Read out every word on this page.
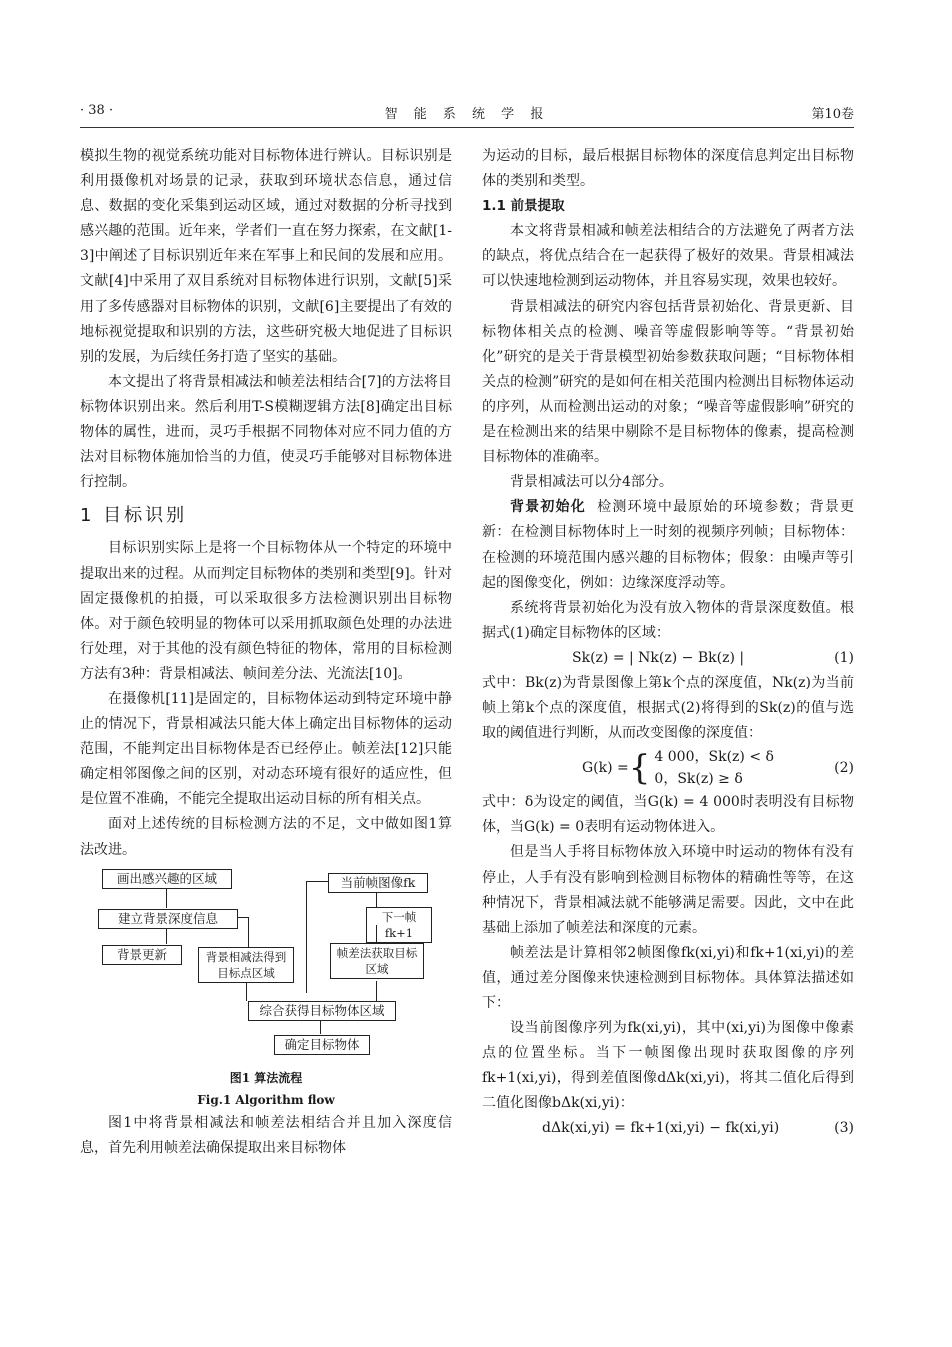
· 38 ·	智 能 系 统 学 报	第10卷

模拟生物的视觉系统功能对目标物体进行辨认。目标识别是利用摄像机对场景的记录，获取到环境状态信息，通过信息、数据的变化采集到运动区域，通过对数据的分析寻找到感兴趣的范围。近年来，学者们一直在努力探索，在文献[1-3]中阐述了目标识别近年来在军事上和民间的发展和应用。文献[4]中采用了双目系统对目标物体进行识别，文献[5]采用了多传感器对目标物体的识别，文献[6]主要提出了有效的地标视觉提取和识别的方法，这些研究极大地促进了目标识别的发展，为后续任务打造了坚实的基础。

本文提出了将背景相减法和帧差法相结合[7]的方法将目标物体识别出来。然后利用T-S模糊逻辑方法[8]确定出目标物体的属性，进而，灵巧手根据不同物体对应不同力值的方法对目标物体施加恰当的力值，使灵巧手能够对目标物体进行控制。

1 目标识别

目标识别实际上是将一个目标物体从一个特定的环境中提取出来的过程。从而判定目标物体的类别和类型[9]。针对固定摄像机的拍摄，可以采取很多方法检测识别出目标物体。对于颜色较明显的物体可以采用抓取颜色处理的办法进行处理，对于其他的没有颜色特征的物体，常用的目标检测方法有3种：背景相减法、帧间差分法、光流法[10]。

在摄像机[11]是固定的，目标物体运动到特定环境中静止的情况下，背景相减法只能大体上确定出目标物体的运动范围，不能判定出目标物体是否已经停止。帧差法[12]只能确定相邻图像之间的区别，对动态环境有很好的适应性，但是位置不准确，不能完全提取出运动目标的所有相关点。

面对上述传统的目标检测方法的不足，文中做如图1算法改进。

画出感兴趣的区域
建立背景深度信息
背景更新	背景相减法得到目标点区域
当前帧图像fk
下一帧fk+1
帧差法获取目标区域
综合获得目标物体区域
确定目标物体
图1 算法流程
Fig.1 Algorithm flow

图1中将背景相减法和帧差法相结合并且加入深度信息，首先利用帧差法确保提取出来目标物体

为运动的目标，最后根据目标物体的深度信息判定出目标物体的类别和类型。

1.1 前景提取

本文将背景相减和帧差法相结合的方法避免了两者方法的缺点，将优点结合在一起获得了极好的效果。背景相减法可以快速地检测到运动物体，并且容易实现，效果也较好。

背景相减法的研究内容包括背景初始化、背景更新、目标物体相关点的检测、噪音等虚假影响等等。“背景初始化”研究的是关于背景模型初始参数获取问题；“目标物体相关点的检测”研究的是如何在相关范围内检测出目标物体运动的序列，从而检测出运动的对象；“噪音等虚假影响”研究的是在检测出来的结果中剔除不是目标物体的像素，提高检测目标物体的准确率。

背景相减法可以分4部分。

背景初始化 检测环境中最原始的环境参数；背景更新：在检测目标物体时上一时刻的视频序列帧；目标物体：在检测的环境范围内感兴趣的目标物体；假象：由噪声等引起的图像变化，例如：边缘深度浮动等。

系统将背景初始化为没有放入物体的背景深度数值。根据式(1)确定目标物体的区域：

Sk(z) = | Nk(z) − Bk(z) |	(1)

式中：Bk(z)为背景图像上第k个点的深度值，Nk(z)为当前帧上第k个点的深度值，根据式(2)将得到的Sk(z)的值与选取的阈值进行判断，从而改变图像的深度值：

G(k) = { 4 000，Sk(z) < δ
0，Sk(z) ≥ δ
(2)

式中：δ为设定的阈值，当G(k) = 4 000时表明没有目标物体，当G(k) = 0表明有运动物体进入。

但是当人手将目标物体放入环境中时运动的物体有没有停止，人手有没有影响到检测目标物体的精确性等等，在这种情况下，背景相减法就不能够满足需要。因此，文中在此基础上添加了帧差法和深度的元素。

帧差法是计算相邻2帧图像fk(xi,yi)和fk+1(xi,yi)的差值，通过差分图像来快速检测到目标物体。具体算法描述如下：

设当前图像序列为fk(xi,yi)，其中(xi,yi)为图像中像素点的位置坐标。当下一帧图像出现时获取图像的序列fk+1(xi,yi)，得到差值图像dΔk(xi,yi)，将其二值化后得到二值化图像bΔk(xi,yi)：

dΔk(xi,yi) = fk+1(xi,yi) − fk(xi,yi)	(3)
